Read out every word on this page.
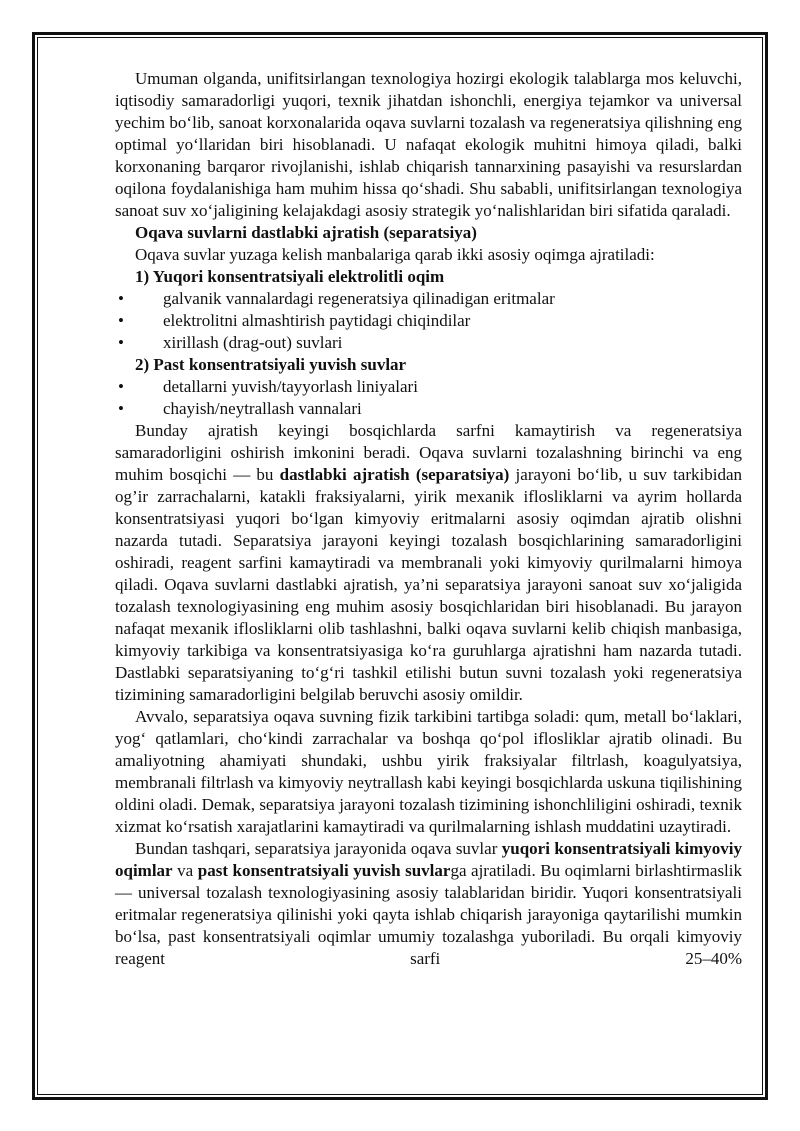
Umuman olganda, unifitsirlangan texnologiya hozirgi ekologik talablarga mos keluvchi, iqtisodiy samaradorligi yuqori, texnik jihatdan ishonchli, energiya tejamkor va universal yechim bo‘lib, sanoat korxonalarida oqava suvlarni tozalash va regeneratsiya qilishning eng optimal yo‘llaridan biri hisoblanadi. U nafaqat ekologik muhitni himoya qiladi, balki korxonaning barqaror rivojlanishi, ishlab chiqarish tannarxining pasayishi va resurslardan oqilona foydalanishiga ham muhim hissa qo‘shadi. Shu sababli, unifitsirlangan texnologiya sanoat suv xo‘jaligining kelajakdagi asosiy strategik yo‘nalishlaridan biri sifatida qaraladi.

Oqava suvlarni dastlabki ajratish (separatsiya)
Oqava suvlar yuzaga kelish manbalariga qarab ikki asosiy oqimga ajratiladi:
1) Yuqori konsentratsiyali elektrolitli oqim
• galvanik vannalardagi regeneratsiya qilinadigan eritmalar
• elektrolitni almashtirish paytidagi chiqindilar
• xirillash (drag-out) suvlari
2) Past konsentratsiyali yuvish suvlar
• detallarni yuvish/tayyorlash liniyalari
• chayish/neytrallash vannalari

Bunday ajratish keyingi bosqichlarda sarfni kamaytirish va regeneratsiya samaradorligini oshirish imkonini beradi. Oqava suvlarni tozalashning birinchi va eng muhim bosqichi — bu dastlabki ajratish (separatsiya) jarayoni bo‘lib, u suv tarkibidan og’ir zarrachalarni, katakli fraksiyalarni, yirik mexanik iflosliklarni va ayrim hollarda konsentratsiyasi yuqori bo‘lgan kimyoviy eritmalarni asosiy oqimdan ajratib olishni nazarda tutadi. Separatsiya jarayoni keyingi tozalash bosqichlarining samaradorligini oshiradi, reagent sarfini kamaytiradi va membranali yoki kimyoviy qurilmalarni himoya qiladi. Oqava suvlarni dastlabki ajratish, ya’ni separatsiya jarayoni sanoat suv xo‘jaligida tozalash texnologiyasining eng muhim asosiy bosqichlaridan biri hisoblanadi. Bu jarayon nafaqat mexanik iflosliklarni olib tashlashni, balki oqava suvlarni kelib chiqish manbasiga, kimyoviy tarkibiga va konsentratsiyasiga ko‘ra guruhlarga ajratishni ham nazarda tutadi. Dastlabki separatsiyaning to‘g‘ri tashkil etilishi butun suvni tozalash yoki regeneratsiya tizimining samaradorligini belgilab beruvchi asosiy omildir.

Avvalo, separatsiya oqava suvning fizik tarkibini tartibga soladi: qum, metall bo‘laklari, yog‘ qatlamlari, cho‘kindi zarrachalar va boshqa qo‘pol iflosliklar ajratib olinadi. Bu amaliyotning ahamiyati shundaki, ushbu yirik fraksiyalar filtrlash, koagulyatsiya, membranali filtrlash va kimyoviy neytrallash kabi keyingi bosqichlarda uskuna tiqilishining oldini oladi. Demak, separatsiya jarayoni tozalash tizimining ishonchliligini oshiradi, texnik xizmat ko‘rsatish xarajatlarini kamaytiradi va qurilmalarning ishlash muddatini uzaytiradi.

Bundan tashqari, separatsiya jarayonida oqava suvlar yuqori konsentratsiyali kimyoviy oqimlar va past konsentratsiyali yuvish suvlarga ajratiladi. Bu oqimlarni birlashtirmaslik — universal tozalash texnologiyasining asosiy talablaridan biridir. Yuqori konsentratsiyali eritmalar regeneratsiya qilinishi yoki qayta ishlab chiqarish jarayoniga qaytarilishi mumkin bo‘lsa, past konsentratsiyali oqimlar umumiy tozalashga yuboriladi. Bu orqali kimyoviy reagent sarfi 25–40%
